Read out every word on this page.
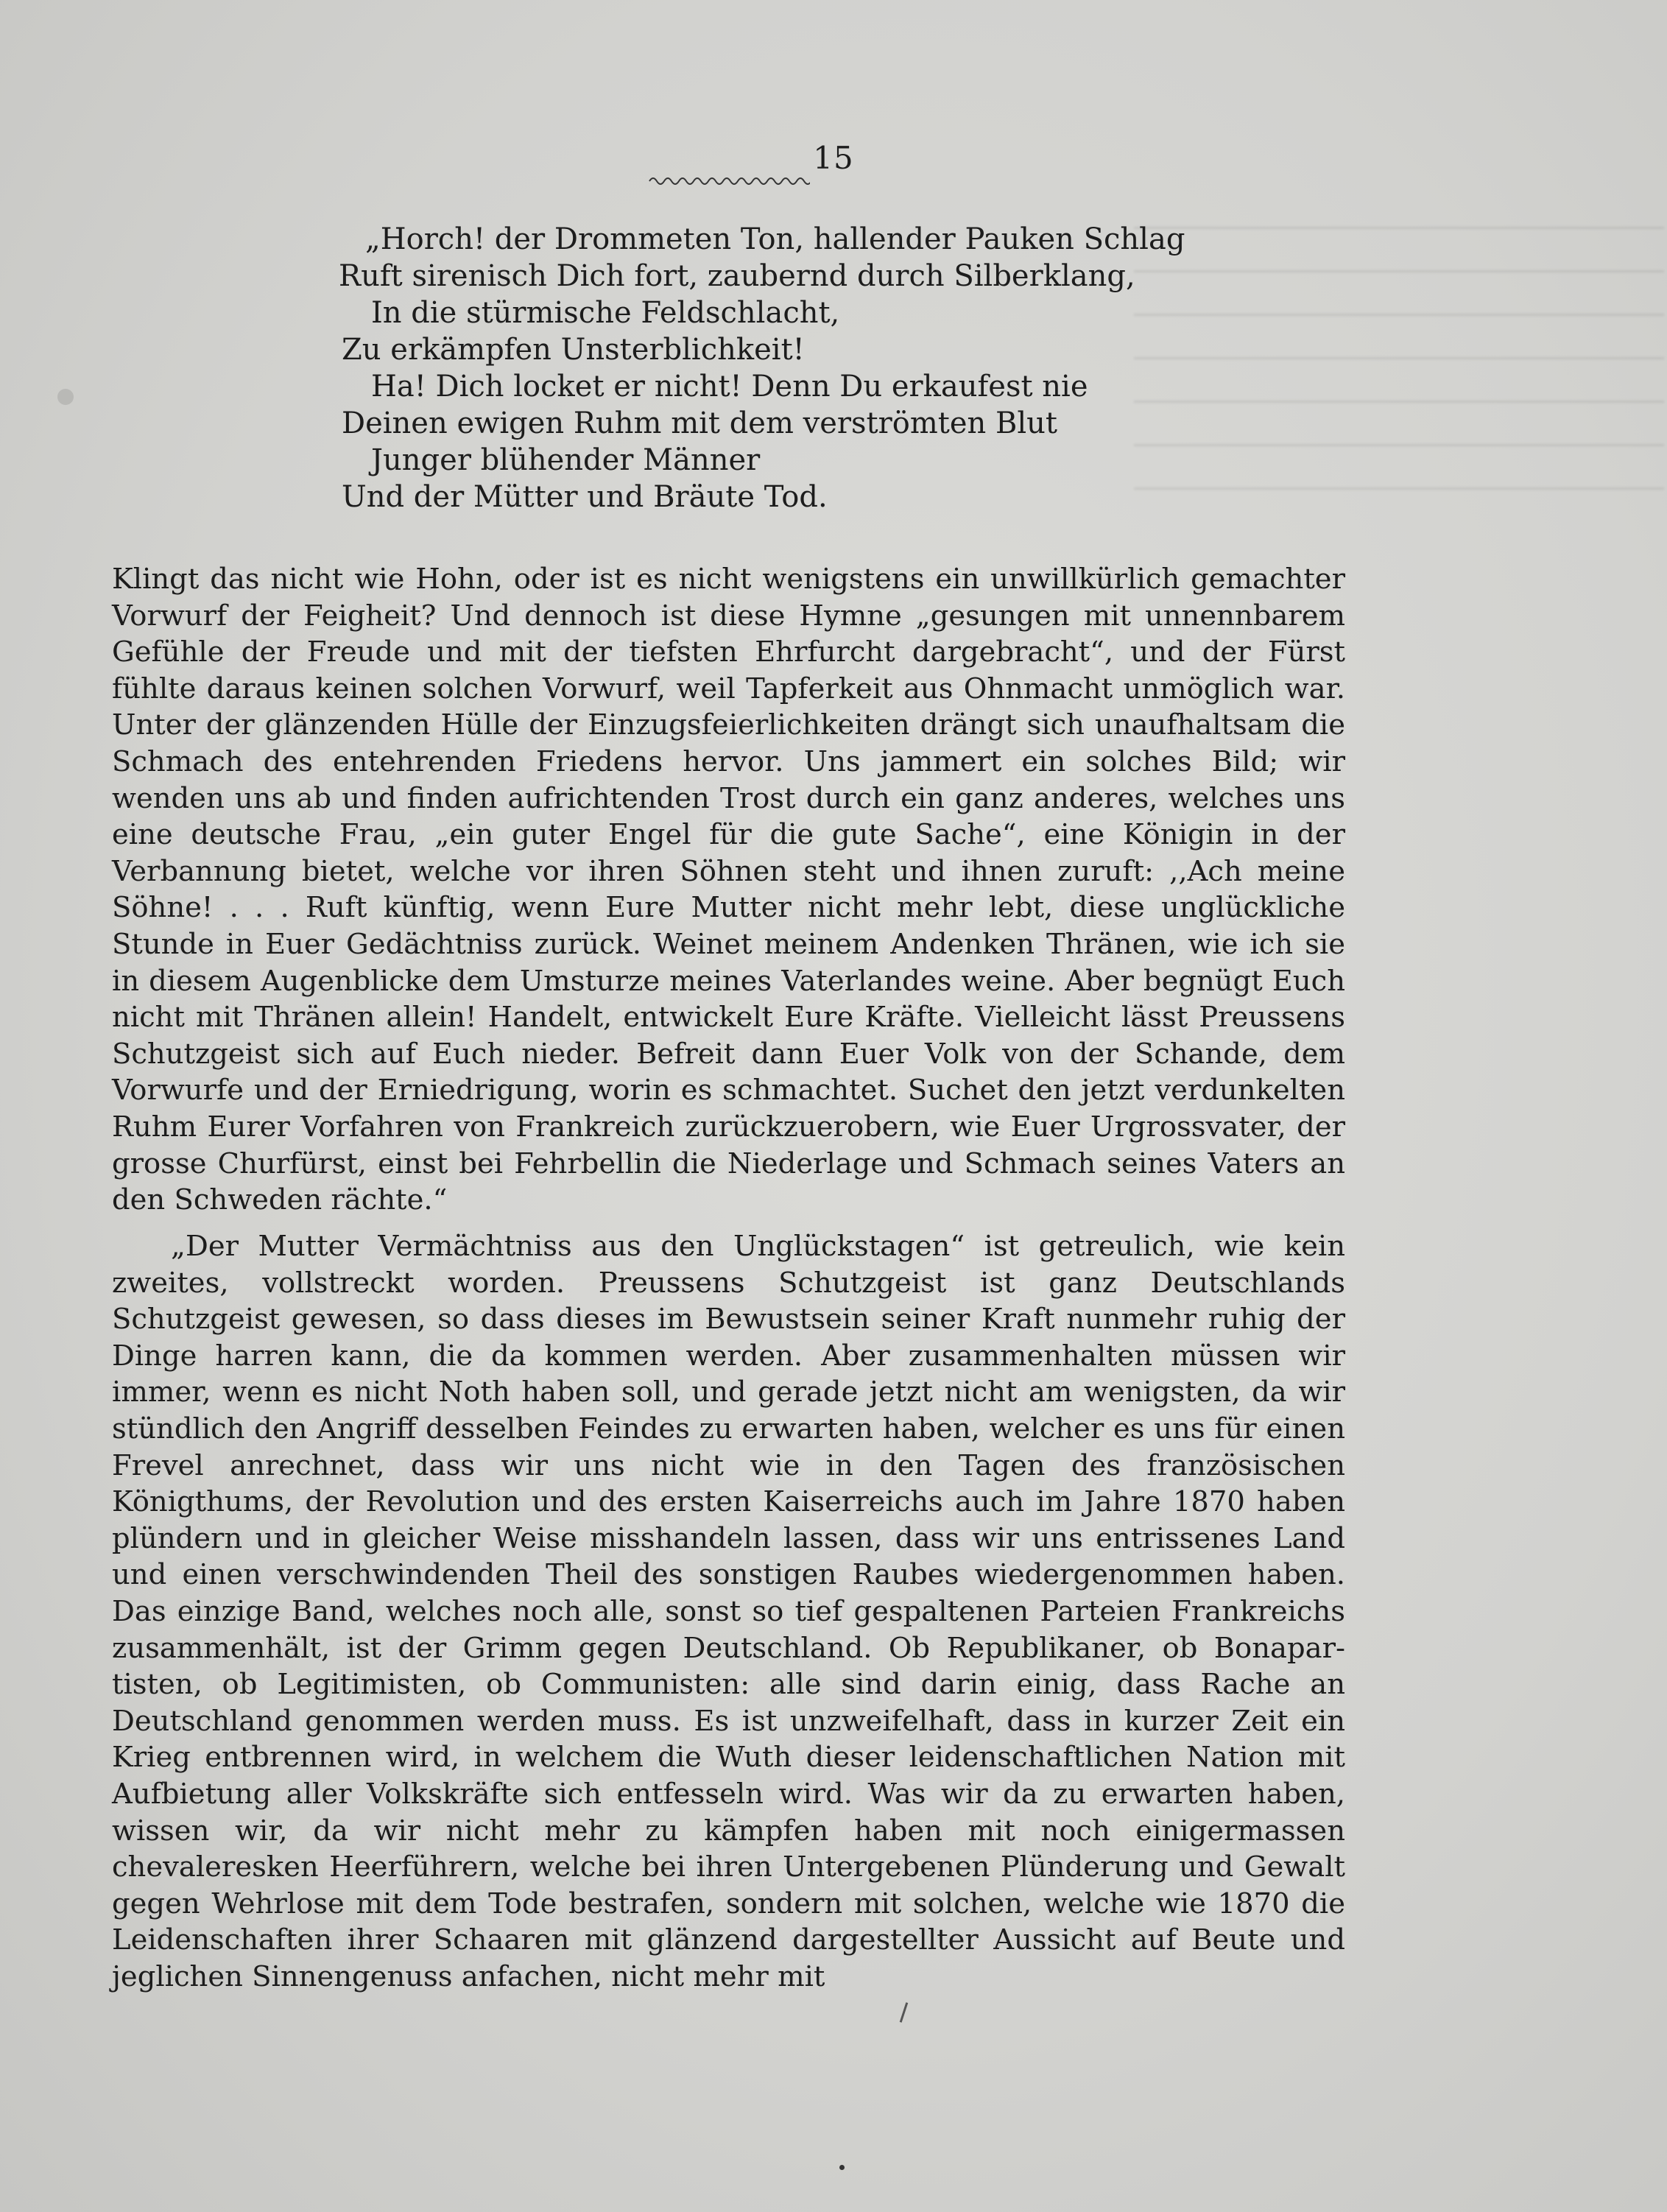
15
„Horch! der Drommeten Ton, hallender Pauken Schlag
Ruft sirenisch Dich fort, zaubernd durch Silberklang,
In die stürmische Feldschlacht,
Zu erkämpfen Unsterblichkeit!
Ha! Dich locket er nicht! Denn Du erkaufest nie
Deinen ewigen Ruhm mit dem verströmten Blut
Junger blühender Männer
Und der Mütter und Bräute Tod.
Klingt das nicht wie Hohn, oder ist es nicht wenigstens ein unwillkürlich gemachter Vorwurf der Feigheit? Und dennoch ist diese Hymne „gesungen mit unnennbarem Gefühle der Freude und mit der tiefsten Ehrfurcht dargebracht“, und der Fürst fühlte daraus keinen solchen Vorwurf, weil Tapferkeit aus Ohnmacht unmöglich war. Unter der glänzenden Hülle der Einzugsfeierlichkeiten drängt sich unaufhaltsam die Schmach des entehrenden Friedens hervor. Uns jammert ein solches Bild; wir wenden uns ab und finden aufrichtenden Trost durch ein ganz anderes, welches uns eine deutsche Frau, „ein guter Engel für die gute Sache“, eine Königin in der Verbannung bietet, welche vor ihren Söhnen steht und ihnen zuruft: ,,Ach meine Söhne! . . . Ruft künftig, wenn Eure Mutter nicht mehr lebt, diese unglückliche Stunde in Euer Gedächtniss zurück. Weinet meinem Andenken Thränen, wie ich sie in diesem Augenblicke dem Umsturze meines Vaterlandes weine. Aber begnügt Euch nicht mit Thränen allein! Handelt, entwickelt Eure Kräfte. Vielleicht lässt Preussens Schutzgeist sich auf Euch nieder. Befreit dann Euer Volk von der Schande, dem Vorwurfe und der Erniedrigung, worin es schmachtet. Suchet den jetzt verdunkelten Ruhm Eurer Vorfahren von Frankreich zurückzuerobern, wie Euer Urgrossvater, der grosse Churfürst, einst bei Fehrbellin die Niederlage und Schmach seines Vaters an den Schweden rächte.“
„Der Mutter Vermächtniss aus den Unglückstagen“ ist getreulich, wie kein zweites, vollstreckt worden. Preussens Schutzgeist ist ganz Deutschlands Schutzgeist gewesen, so dass dieses im Bewustsein seiner Kraft nunmehr ruhig der Dinge harren kann, die da kommen werden. Aber zusammenhalten müssen wir immer, wenn es nicht Noth haben soll, und gerade jetzt nicht am wenigsten, da wir stündlich den Angriff desselben Feindes zu erwarten haben, welcher es uns für einen Frevel anrechnet, dass wir uns nicht wie in den Tagen des französischen Königthums, der Revolution und des ersten Kaiserreichs auch im Jahre 1870 haben plündern und in gleicher Weise misshandeln lassen, dass wir uns entrissenes Land und einen verschwindenden Theil des sonstigen Raubes wiedergenommen haben. Das einzige Band, welches noch alle, sonst so tief gespaltenen Parteien Frankreichs zusammenhält, ist der Grimm gegen Deutschland. Ob Republikaner, ob Bonapartisten, ob Legitimisten, ob Communisten: alle sind darin einig, dass Rache an Deutschland genommen werden muss. Es ist unzweifelhaft, dass in kurzer Zeit ein Krieg entbrennen wird, in welchem die Wuth dieser leidenschaftlichen Nation mit Aufbietung aller Volkskräfte sich entfesseln wird. Was wir da zu erwarten haben, wissen wir, da wir nicht mehr zu kämpfen haben mit noch einigermassen chevaleresken Heerführern, welche bei ihren Untergebenen Plünderung und Gewalt gegen Wehrlose mit dem Tode bestrafen, sondern mit solchen, welche wie 1870 die Leidenschaften ihrer Schaaren mit glänzend dargestellter Aussicht auf Beute und jeglichen Sinnengenuss anfachen, nicht mehr mit
